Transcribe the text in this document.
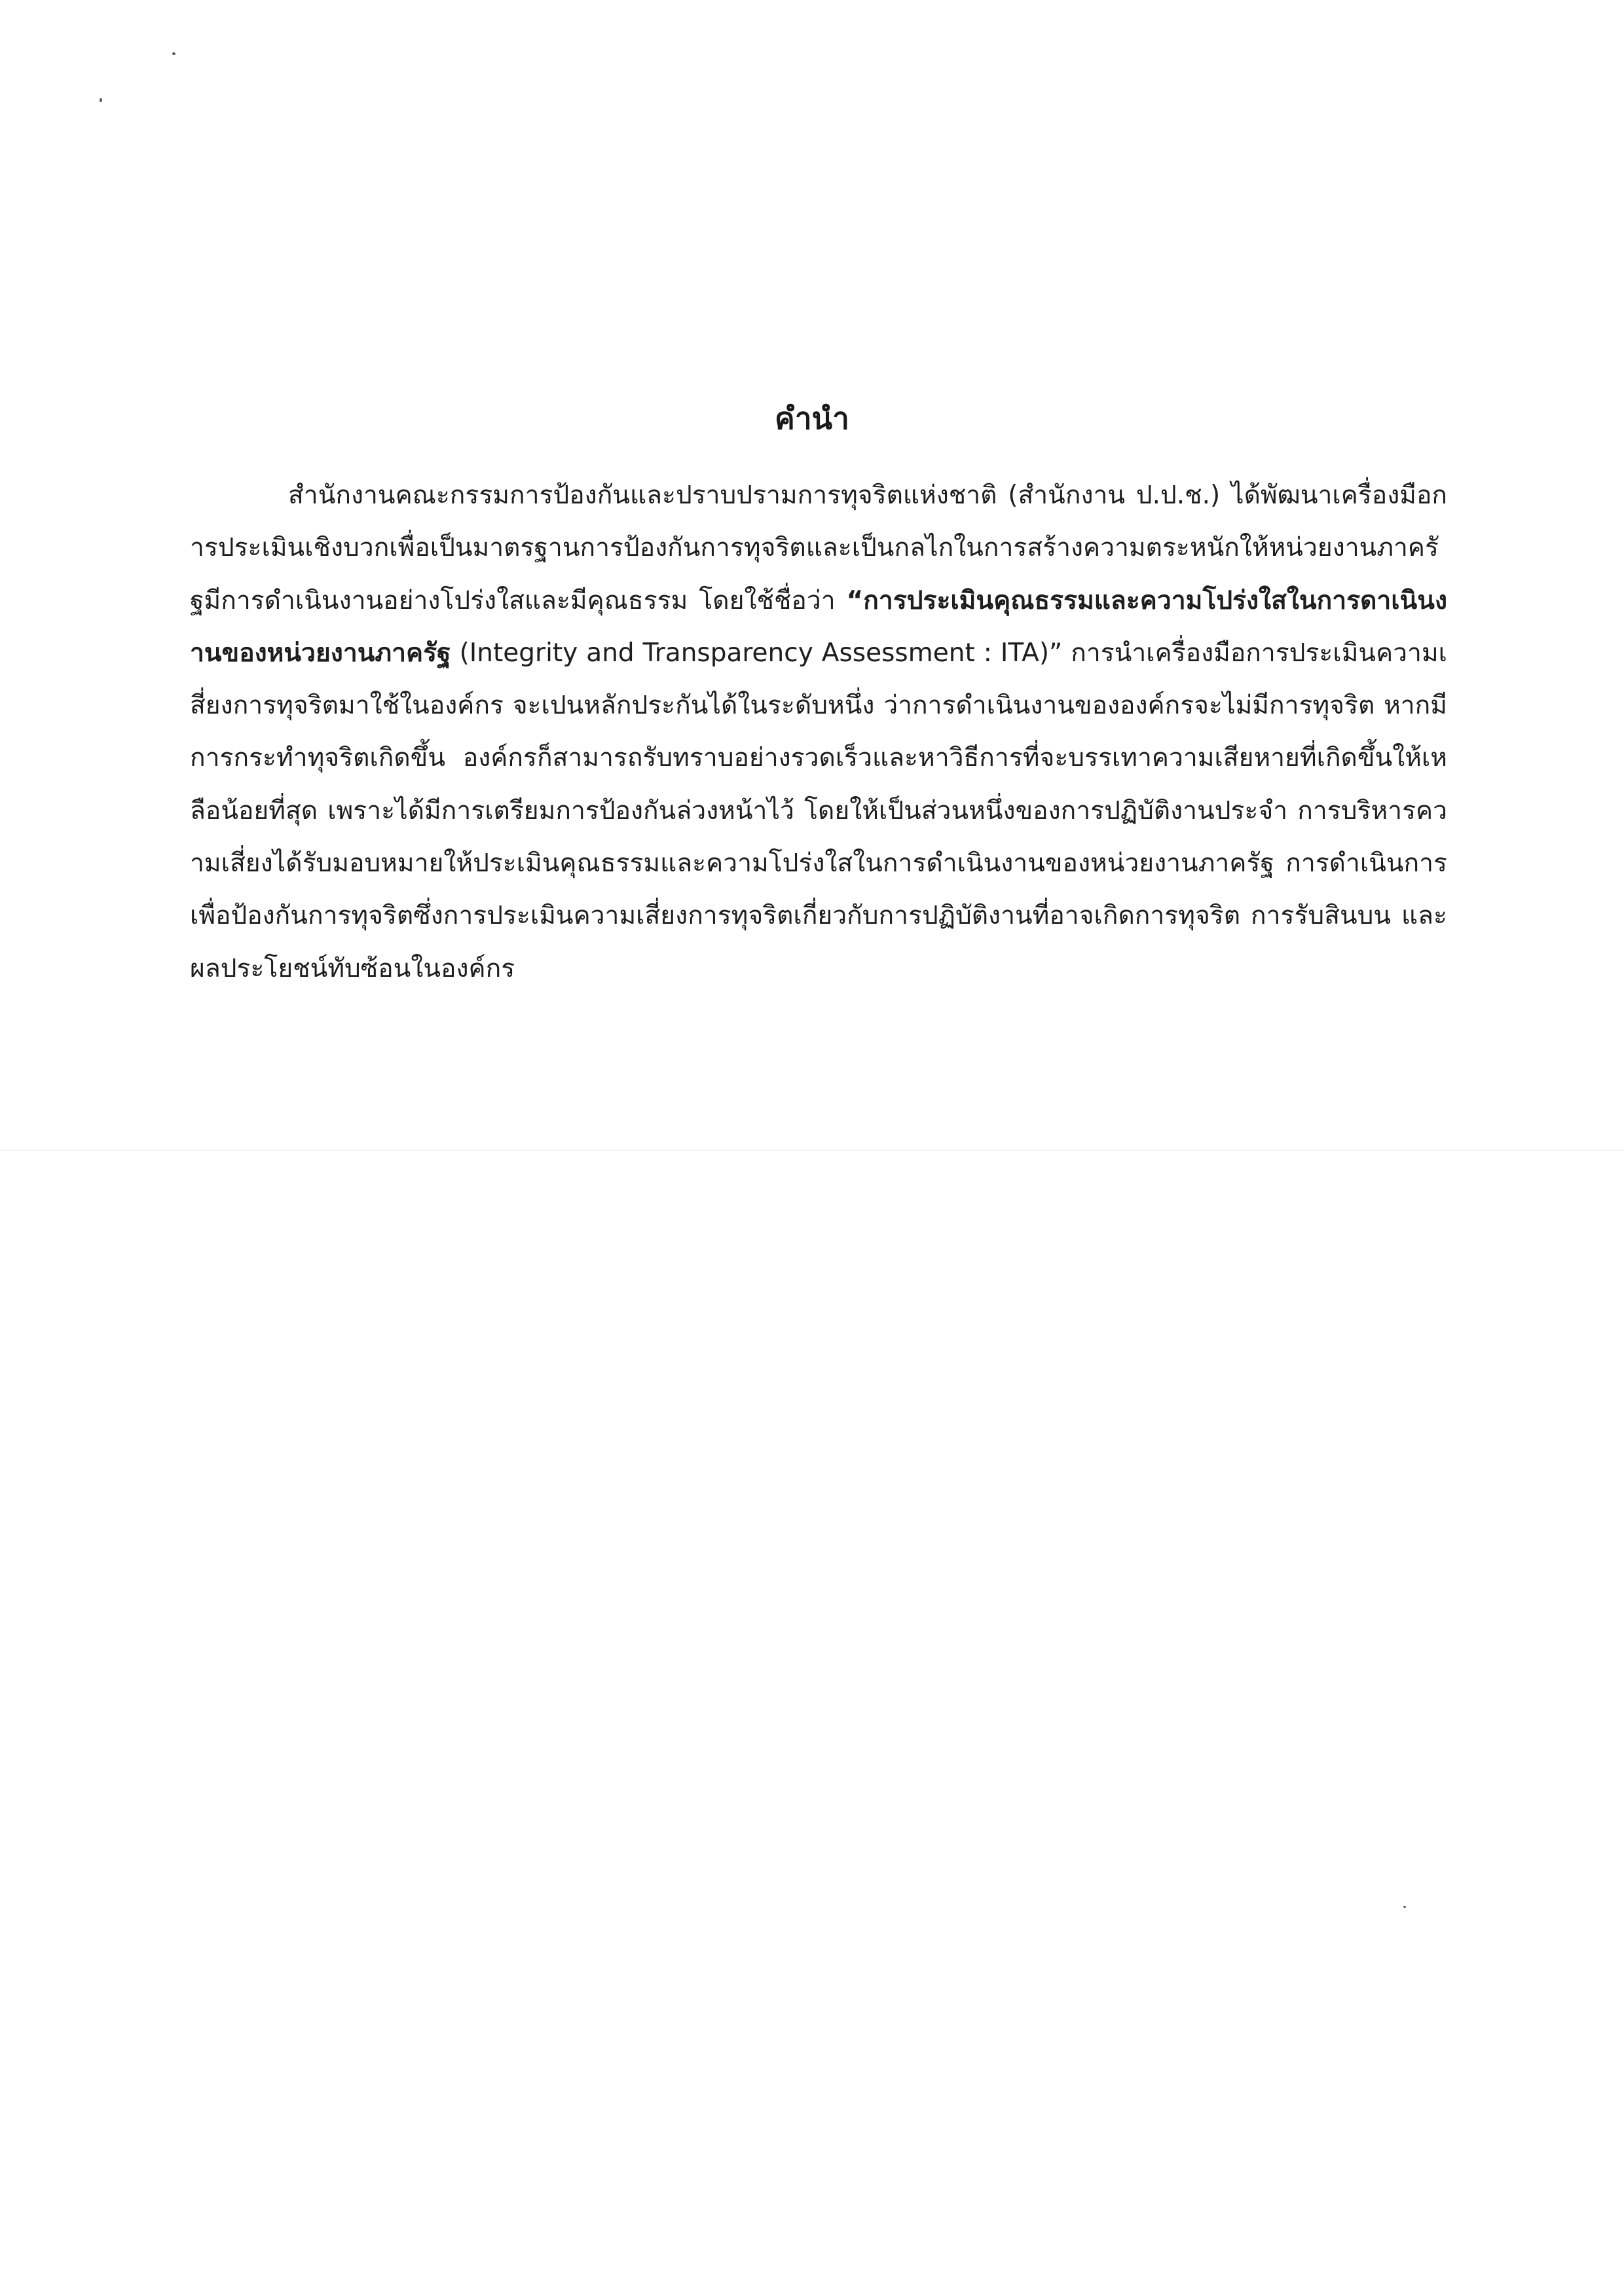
คำนำ

สำนักงานคณะกรรมการป้องกันและปราบปรามการทุจริตแห่งชาติ (สำนักงาน ป.ป.ช.) ได้พัฒนาเครื่องมือการประเมินเชิงบวกเพื่อเป็นมาตรฐานการป้องกันการทุจริตและเป็นกลไกในการสร้างความตระหนักให้หน่วยงานภาครัฐมีการดำเนินงานอย่างโปร่งใสและมีคุณธรรม โดยใช้ชื่อว่า “การประเมินคุณธรรมและความโปร่งใสในการดาเนินงานของหน่วยงานภาครัฐ (Integrity and Transparency Assessment : ITA)” การนำเครื่องมือการประเมินความเสี่ยงการทุจริตมาใช้ในองค์กร จะเปนหลักประกันได้ในระดับหนึ่ง ว่าการดำเนินงานขององค์กรจะไม่มีการทุจริต หากมีการกระทำทุจริตเกิดขึ้น องค์กรก็สามารถรับทราบอย่างรวดเร็วและหาวิธีการที่จะบรรเทาความเสียหายที่เกิดขึ้นให้เหลือน้อยที่สุด เพราะได้มีการเตรียมการป้องกันล่วงหน้าไว้ โดยให้เป็นส่วนหนึ่งของการปฏิบัติงานประจำ การบริหารความเสี่ยงได้รับมอบหมายให้ประเมินคุณธรรมและความโปร่งใสในการดำเนินงานของหน่วยงานภาครัฐ การดำเนินการเพื่อป้องกันการทุจริตซึ่งการประเมินความเสี่ยงการทุจริตเกี่ยวกับการปฏิบัติงานที่อาจเกิดการทุจริต การรับสินบน และผลประโยชน์ทับซ้อนในองค์กร
